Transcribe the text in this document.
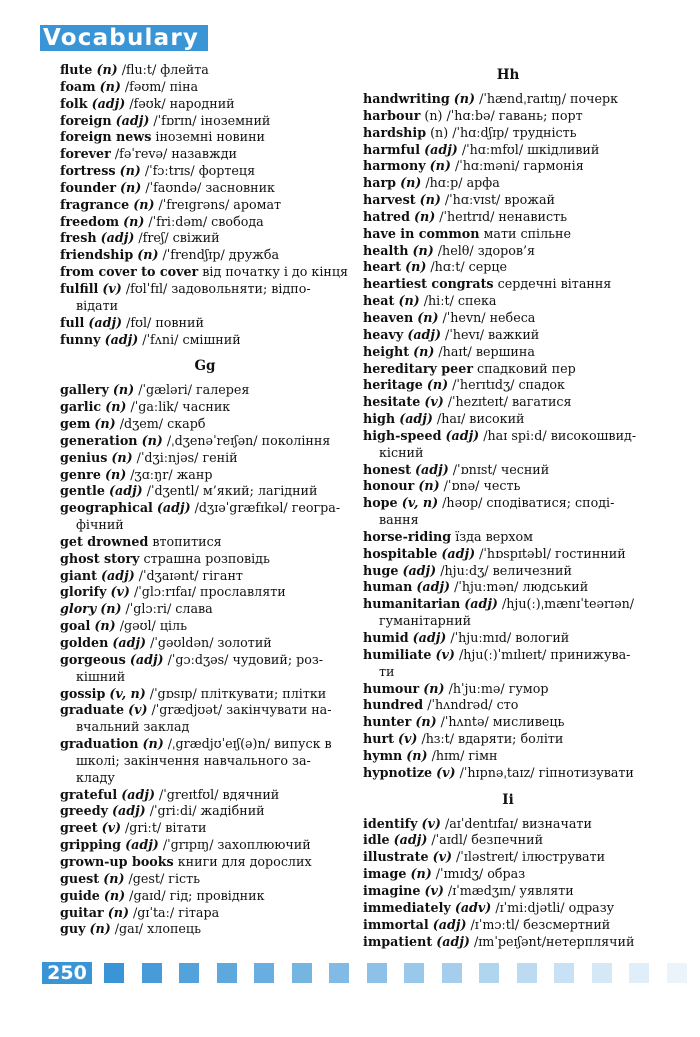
Vocabulary
flute (n) /fluːt/ флейта
foam (n) /fəʊm/ піна
folk (adj) /fəʊk/ народний
foreign (adj) /ˈfɒrɪn/ іноземний
foreign news іноземні новини
forever /fəˈrevə/ назавжди
fortress (n) /ˈfɔːtrɪs/ фортеця
founder (n) /ˈfaʊndə/ засновник
fragrance (n) /ˈfreɪgrəns/ аромат
freedom (n) /ˈfriːdəm/ свобода
fresh (adj) /freʃ/ свіжий
friendship (n) /ˈfrendʃɪp/ дружба
from cover to cover від початку і до кінця
fulfill (v) /fʊlˈfɪl/ задовольняти; відпо-
відати
full (adj) /fʊl/ повний
funny (adj) /ˈfʌni/ смішний
Gg
gallery (n) /ˈgæləri/ галерея
garlic (n) /ˈgaːlik/ часник
gem (n) /dʒem/ скарб
generation (n) /ˌdʒenəˈreɪʃən/ покоління
genius (n) /ˈdʒiːnjəs/ геній
genre (n) /ʒɑːŋr/ жанр
gentle (adj) /ˈdʒentl/ м’який; лагідний
geographical (adj) /dʒɪəˈgræfɪkəl/ геогра-
фічний
get drowned втопитися
ghost story страшна розповідь
giant (adj) /ˈdʒaɪənt/ гігант
glorify (v) /ˈglɔːrɪfaɪ/ прославляти
glory (n) /ˈglɔːri/ слава
goal (n) /gəʊl/ ціль
golden (adj) /ˈgəʊldən/ золотий
gorgeous (adj) /ˈgɔːdʒəs/ чудовий; роз-
кішний
gossip (v, n) /ˈgɒsɪp/ пліткувати; плітки
graduate (v) /ˈgrædjʊət/ закінчувати на-
вчальний заклад
graduation (n) /ˌgrædjʊˈeɪʃ(ə)n/ випуск в
школі; закінчення навчального за-
кладу
grateful (adj) /ˈgreɪtfʊl/ вдячний
greedy (adj) /ˈgriːdi/ жадібний
greet (v) /griːt/ вітати
gripping (adj) /ˈgrɪpɪŋ/ захоплюючий
grown-up books книги для дорослих
guest (n) /gest/ гість
guide (n) /gaɪd/ гід; провідник
guitar (n) /gɪˈtaː/ гітара
guy (n) /gaɪ/ хлопець
Hh
handwriting (n) /ˈhændˌraɪtɪŋ/ почерк
harbour (n) /ˈhɑːbə/ гавань; порт
hardship (n) /ˈhɑːdʃɪp/ трудність
harmful (adj) /ˈhɑːmfʊl/ шкідливий
harmony (n) /ˈhɑːməni/ гармонія
harp (n) /hɑːp/ арфа
harvest (n) /ˈhɑːvɪst/ врожай
hatred (n) /ˈheɪtrɪd/ ненависть
have in common мати спільне
health (n) /helθ/ здоров’я
heart (n) /hɑːt/ серце
heartiest congrats сердечні вітання
heat (n) /hiːt/ спека
heaven (n) /ˈhevn/ небеса
heavy (adj) /ˈhevɪ/ важкий
height (n) /haɪt/ вершина
hereditary peer спадковий пер
heritage (n) /ˈherɪtɪdʒ/ спадок
hesitate (v) /ˈhezɪteɪt/ вагатися
high (adj) /haɪ/ високий
high-speed (adj) /haɪ spiːd/ високошвид-
кісний
honest (adj) /ˈɒnɪst/ чесний
honour (n) /ˈɒnə/ честь
hope (v, n) /həʊp/ сподіватися; сподi-
вання
horse-riding їзда верхом
hospitable (adj) /ˈhɒspɪtəbl/ гостинний
huge (adj) /hjuːdʒ/ величезний
human (adj) /ˈhjuːmən/ людський
humanitarian (adj) /hju(ː)ˌmænɪˈteərɪən/
гуманітарний
humid (adj) /ˈhjuːmɪd/ вологий
humiliate (v) /hju(ː)ˈmɪlɪeɪt/ принижува-
ти
humour (n) /hˈjuːmə/ гумор
hundred /ˈhʌndrəd/ сто
hunter (n) /ˈhʌntə/ мисливець
hurt (v) /hɜːt/ вдаряти; боліти
hymn (n) /hɪm/ гімн
hypnotize (v) /ˈhɪpnəˌtaɪz/ гіпнотизувати
Ii
identify (v) /aɪˈdentɪfaɪ/ визначати
idle (adj) /ˈaɪdl/ безпечний
illustrate (v) /ˈɪləstreɪt/ ілюструвати
image (n) /ˈɪmɪdʒ/ образ
imagine (v) /ɪˈmædʒɪn/ уявляти
immediately (adv) /ɪˈmiːdjətli/ одразу
immortal (adj) /ɪˈmɔːtl/ безсмертний
impatient (adj) /ɪmˈpeɪʃənt/нетерплячий
250
